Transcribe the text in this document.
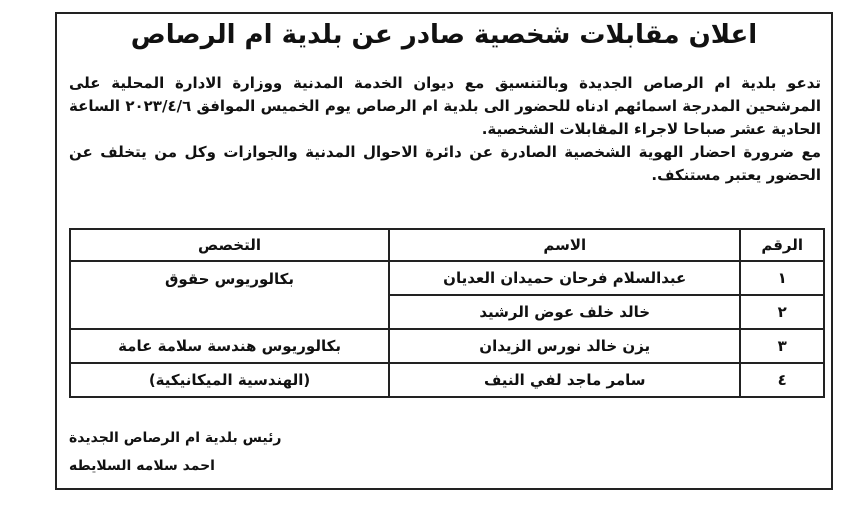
اعلان مقابلات شخصية صادر عن بلدية ام الرصاص

تدعو بلدية ام الرصاص الجديدة وبالتنسيق مع ديوان الخدمة المدنية ووزارة الادارة المحلية على المرشحين المدرجة اسمائهم ادناه للحضور الى بلدية ام الرصاص يوم الخميس الموافق ٢٠٢٣/٤/٦ الساعة الحادية عشر صباحا لاجراء المقابلات الشخصية.

مع ضرورة احضار الهوية الشخصية الصادرة عن دائرة الاحوال المدنية والجوازات وكل من يتخلف عن الحضور يعتبر مستنكف.

الرقم	الاسم	التخصص
١	عبدالسلام فرحان حميدان العديان	بكالوريوس حقوق
٢	خالد خلف عوض الرشيد	
٣	يزن خالد نورس الزيدان	بكالوريوس هندسة سلامة عامة
٤	سامر ماجد لفي النيف	(الهندسية الميكانيكية)
رئيس بلدية ام الرصاص الجديدة
احمد سلامه السلايطه
